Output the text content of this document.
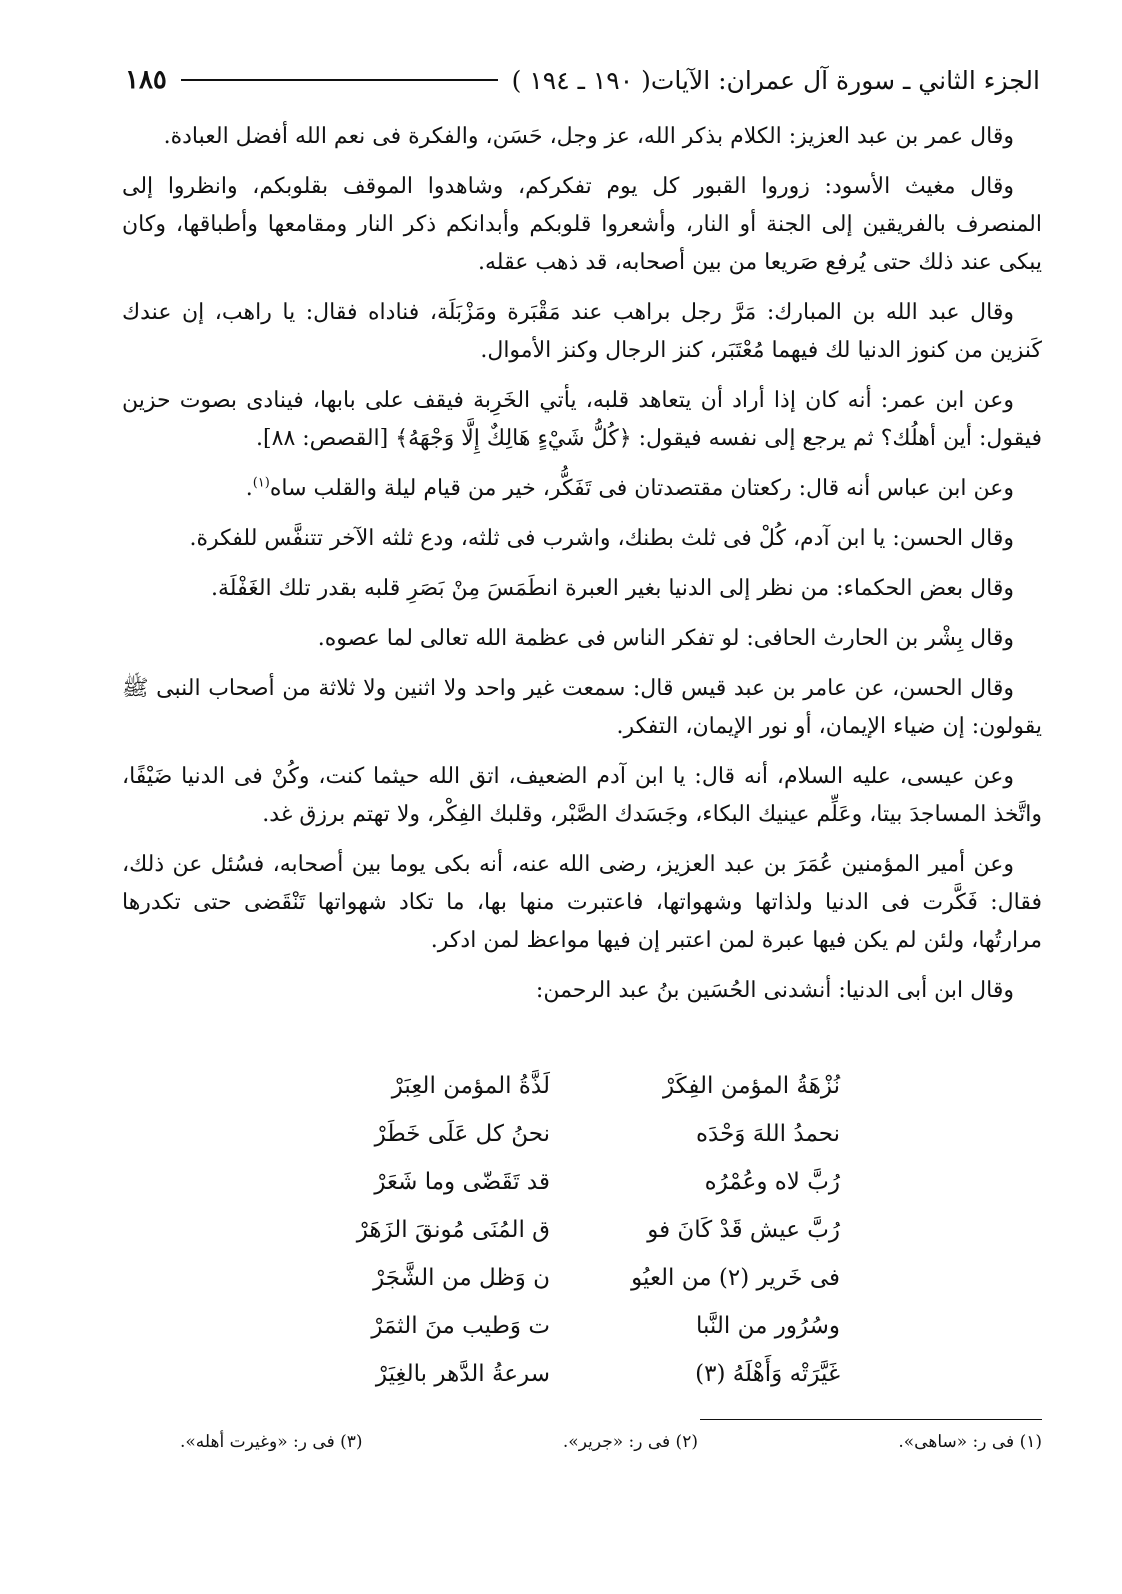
الجزء الثاني ـ سورة آل عمران: الآيات( ١٩٠ ـ ١٩٤ )
١٨٥

وقال عمر بن عبد العزيز: الكلام بذكر الله، عز وجل، حَسَن، والفكرة فى نعم الله أفضل العبادة.

وقال مغيث الأسود: زوروا القبور كل يوم تفكركم، وشاهدوا الموقف بقلوبكم، وانظروا إلى المنصرف بالفريقين إلى الجنة أو النار، وأشعروا قلوبكم وأبدانكم ذكر النار ومقامعها وأطباقها، وكان يبكى عند ذلك حتى يُرفع صَريعا من بين أصحابه، قد ذهب عقله.

وقال عبد الله بن المبارك: مَرَّ رجل براهب عند مَقْبَرة ومَزْبَلَة، فناداه فقال: يا راهب، إن عندك كَنزين من كنوز الدنيا لك فيهما مُعْتَبَر، كنز الرجال وكنز الأموال.

وعن ابن عمر: أنه كان إذا أراد أن يتعاهد قلبه، يأتي الخَرِبة فيقف على بابها، فينادى بصوت حزين فيقول: أين أهلُك؟ ثم يرجع إلى نفسه فيقول: ﴿كُلُّ شَيْءٍ هَالِكٌ إِلَّا وَجْهَهُ﴾ [القصص: ٨٨].

وعن ابن عباس أنه قال: ركعتان مقتصدتان فى تَفَكُّر، خير من قيام ليلة والقلب ساه$^{(١)}$.

وقال الحسن: يا ابن آدم، كُلْ فى ثلث بطنك، واشرب فى ثلثه، ودع ثلثه الآخر تتنفَّس للفكرة.

وقال بعض الحكماء: من نظر إلى الدنيا بغير العبرة انطَمَسَ مِنْ بَصَرِ قلبه بقدر تلك الغَفْلَة.

وقال بِشْر بن الحارث الحافى: لو تفكر الناس فى عظمة الله تعالى لما عصوه.

وقال الحسن، عن عامر بن عبد قيس قال: سمعت غير واحد ولا اثنين ولا ثلاثة من أصحاب النبى ﷺ يقولون: إن ضياء الإيمان، أو نور الإيمان، التفكر.

وعن عيسى، عليه السلام، أنه قال: يا ابن آدم الضعيف، اتق الله حيثما كنت، وكُنْ فى الدنيا ضَيْفًا، واتَّخذ المساجدَ بيتا، وعَلِّم عينيك البكاء، وجَسَدك الصَّبْر، وقلبك الفِكْر، ولا تهتم برزق غد.

وعن أمير المؤمنين عُمَرَ بن عبد العزيز، رضى الله عنه، أنه بكى يوما بين أصحابه، فسُئل عن ذلك، فقال: فَكَّرت فى الدنيا ولذاتها وشهواتها، فاعتبرت منها بها، ما تكاد شهواتها تَنْقَضى حتى تكدرها مرارتُها، ولئن لم يكن فيها عبرة لمن اعتبر إن فيها مواعظ لمن ادكر.

وقال ابن أبى الدنيا: أنشدنى الحُسَين بنُ عبد الرحمن:

نُزْهَةُ المؤمن الفِكَرْ
لَذَّةُ المؤمن العِبَرْ
نحمدُ اللهَ وَحْدَه
نحنُ كل عَلَى خَطَرْ
رُبَّ لاه وعُمْرُه
قد تَقَضّى وما شَعَرْ
رُبَّ عيش قَدْ كَانَ فو
ق المُنَى مُونقَ الزَهَرْ
فى خَرير (٢) من العيُو
ن وَظل من الشَّجَرْ
وسُرُور من النَّبا
ت وَطيب منَ الثمَرْ
غَيَّرَتْه وَأَهْلَهُ (٣)
سرعةُ الدَّهر بالغِيَرْ
(١) فى ر: «ساهى».
(٢) فى ر: «جرير».
(٣) فى ر: «وغيرت أهله».
